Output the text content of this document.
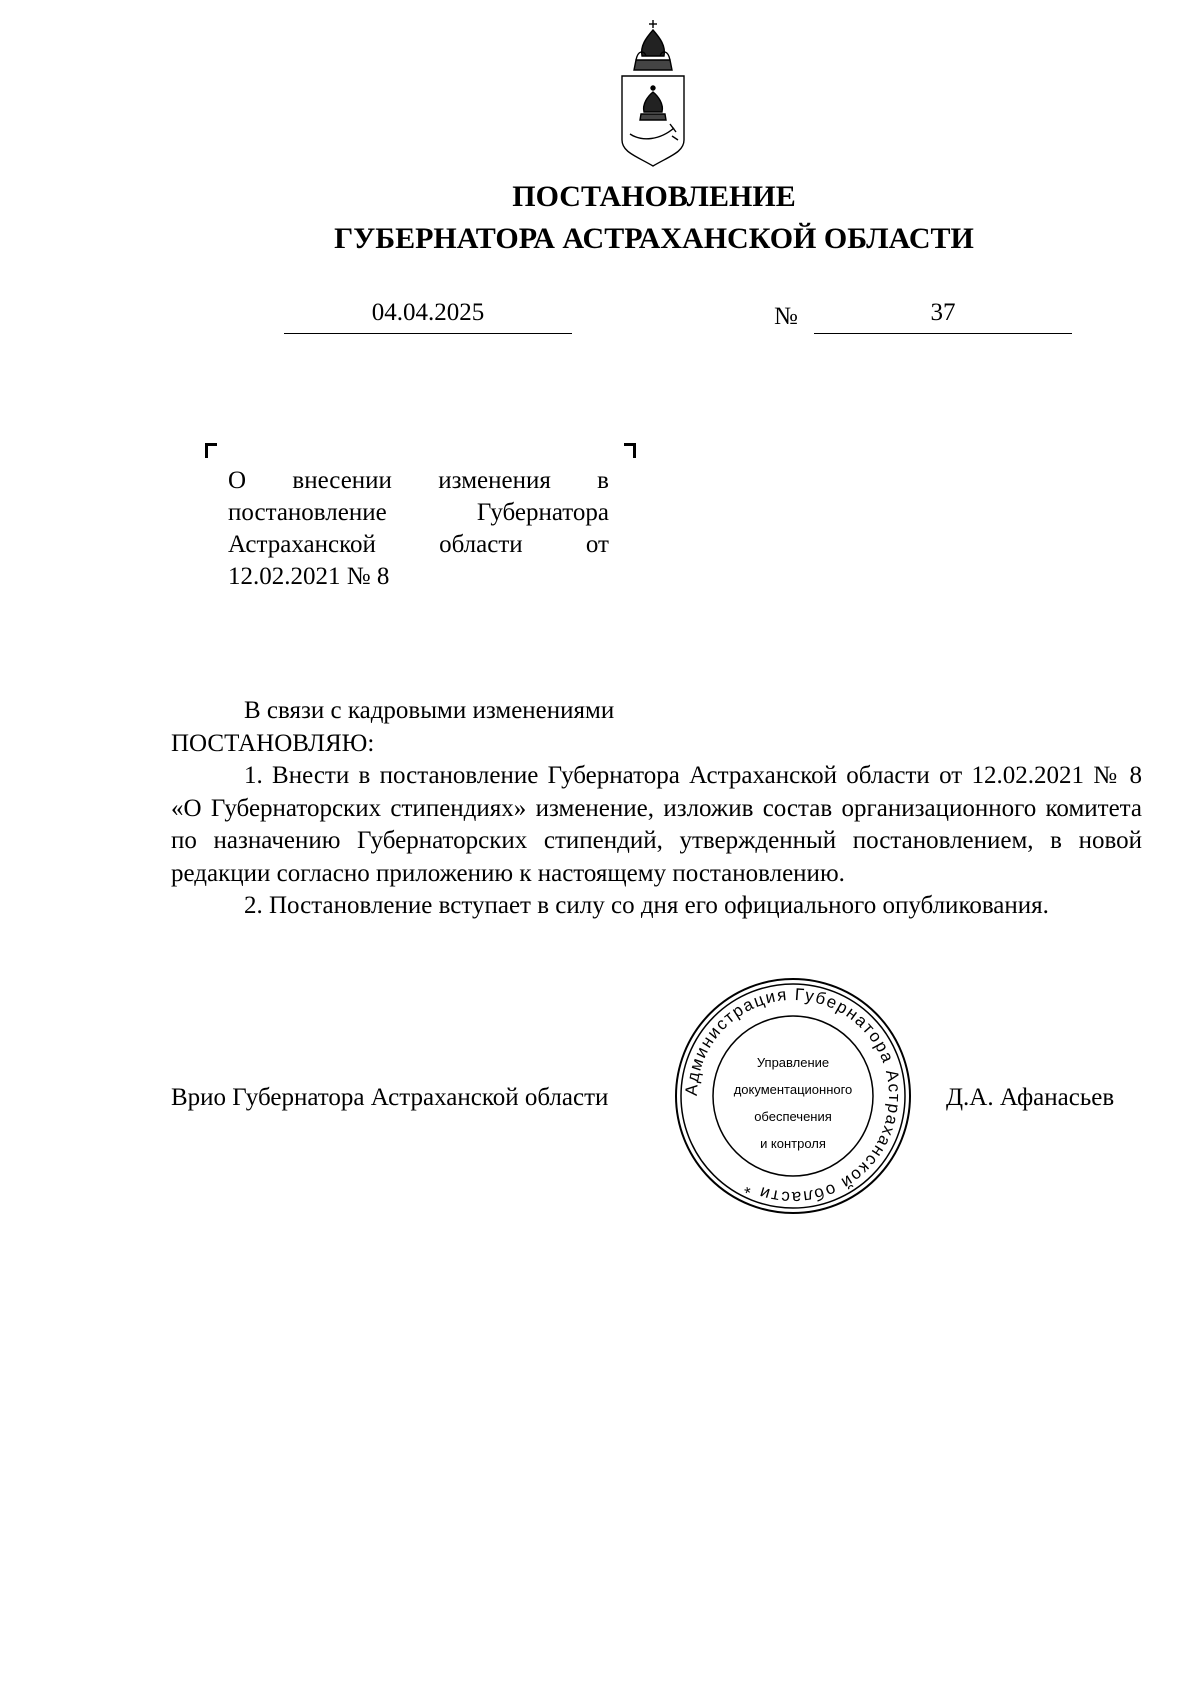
ПОСТАНОВЛЕНИЕ
ГУБЕРНАТОРА АСТРАХАНСКОЙ ОБЛАСТИ
04.04.2025	№	37
О внесении изменения в
постановление Губернатора
Астраханской области от
12.02.2021 № 8

В связи с кадровыми изменениями

ПОСТАНОВЛЯЮ:

1. Внести в постановление Губернатора Астраханской области от 12.02.2021 № 8 «О Губернаторских стипендиях» изменение, изложив состав организационного комитета по назначению Губернаторских стипендий, утвержденный постановлением, в новой редакции согласно приложению к настоящему постановлению.

2. Постановление вступает в силу со дня его официального опубликования.

Врио Губернатора Астраханской области	Д.А. Афанасьев
Администрация Губернатора Астраханской области *
Управление
документационного
обеспечения
и контроля
